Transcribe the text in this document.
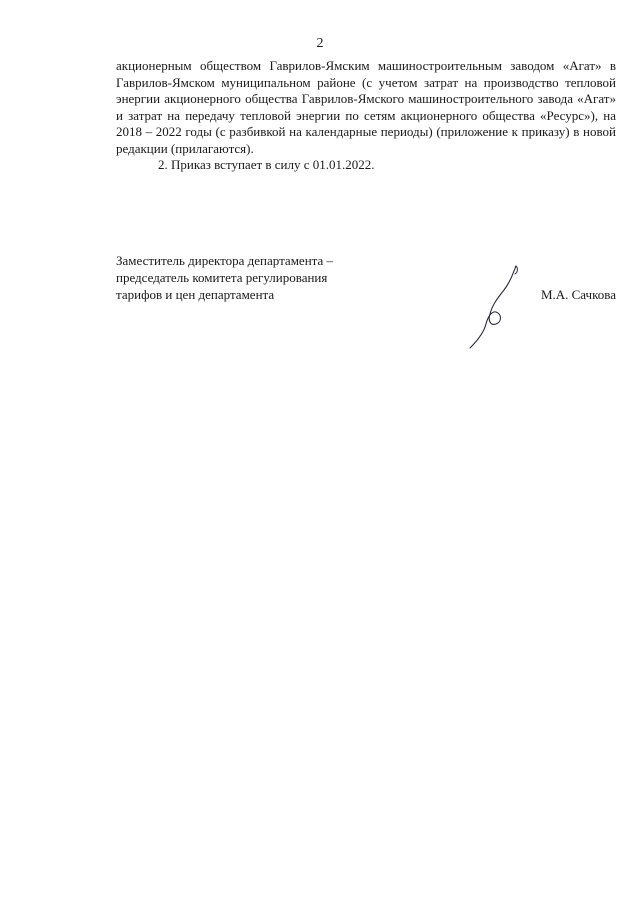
2

акционерным обществом Гаврилов-Ямским машиностроительным заводом «Агат» в Гаврилов-Ямском муниципальном районе (с учетом затрат на производство тепловой энергии акционерного общества Гаврилов-Ямского машиностроительного завода «Агат» и затрат на передачу тепловой энергии по сетям акционерного общества «Ресурс»), на 2018 – 2022 годы (с разбивкой на календарные периоды) (приложение к приказу) в новой редакции (прилагаются).

2. Приказ вступает в силу с 01.01.2022.

Заместитель директора департамента –
председатель комитета регулирования
тарифов и цен департамента	М.А. Сачкова
